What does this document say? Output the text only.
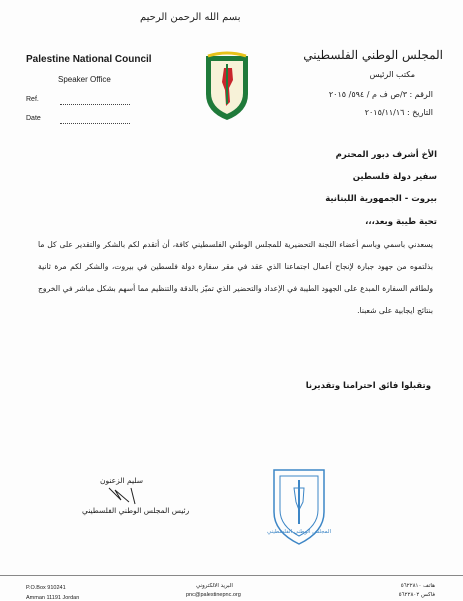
بسم الله الرحمن الرحيم
Palestine National Council
Speaker Office
Ref.
Date
المجلس الوطني الفلسطيني
مكتب الرئيس
الرقم : ٣/ص ف م / ٥٩٤/ ٢٠١٥
التاريخ : ٢٠١٥/١١/١٦
الأخ أشرف دبور المحترم
سفير دولة فلسطين
بيروت - الجمهورية اللبنانية
تحية طيبة وبعد،،،
يسعدني باسمي وباسم أعضاء اللجنة التحضيرية للمجلس الوطني الفلسطيني كافة، أن أتقدم لكم بالشكر والتقدير على كل ما بذلتموه من جهود جبارة لإنجاح أعمال اجتماعنا الذي عقد في مقر سفارة دولة فلسطين في بيروت، والشكر لكم مرة ثانية ولطاقم السفارة المبدع على الجهود الطيبة في الإعداد والتحضير الذي تميّز بالدقة والتنظيم مما أسهم بشكل مباشر في الخروج بنتائج ايجابية على شعبنا.
وتقبلوا فائق احترامنا وتقديرنا
سليم الزعنون
رئيس المجلس الوطني الفلسطيني
المجلس الوطني الفلسطيني
P.O.Box 910241
Amman 11191 Jordan
البريد الالكتروني
pnc@palestinepnc.org
هاتف ٥٦٢٢٨١٠
فاكس ٥٦٢٢٨٠٢
